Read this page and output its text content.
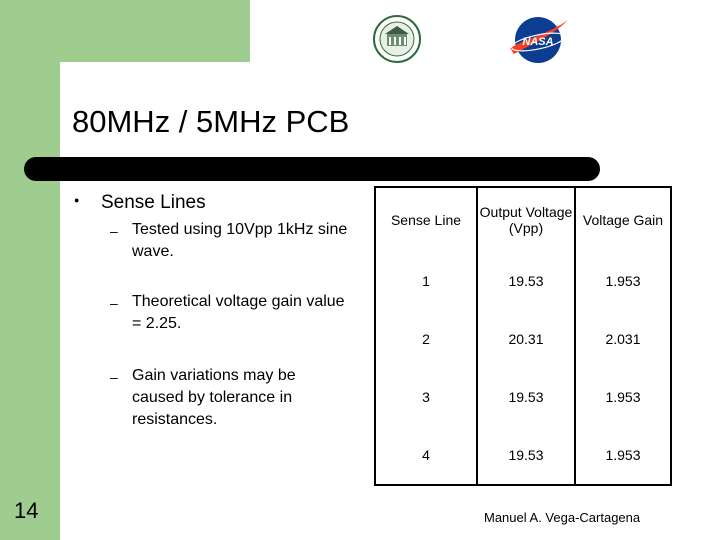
NASA
80MHz / 5MHz PCB
● Sense Lines
– Tested using 10Vpp 1kHz sine wave.
– Theoretical voltage gain value = 2.25.
– Gain variations may be caused by tolerance in resistances.
Sense Line	Output Voltage (Vpp)	Voltage Gain
1	19.53	1.953
2	20.31	2.031
3	19.53	1.953
4	19.53	1.953
14	Manuel A. Vega-Cartagena
